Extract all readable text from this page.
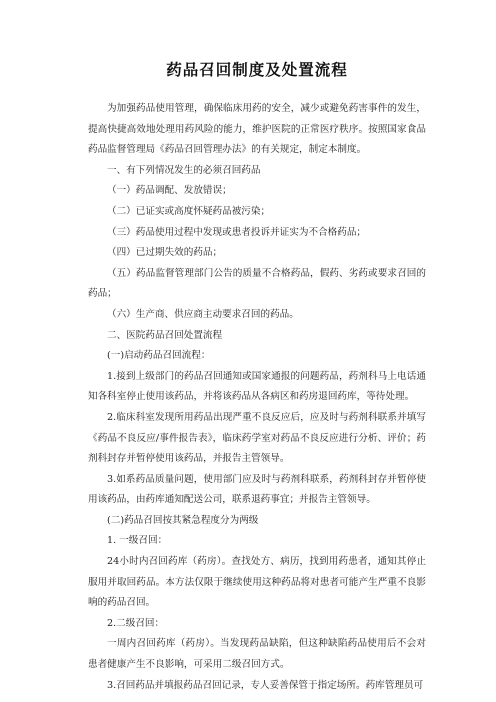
药品召回制度及处置流程

为加强药品使用管理，确保临床用药的安全，减少或避免药害事件的发生，提高快捷高效地处理用药风险的能力，维护医院的正常医疗秩序。按照国家食品药品监督管理局《药品召回管理办法》的有关规定，制定本制度。

一、有下列情况发生的必须召回药品

（一）药品调配、发放错误；

（二）已证实或高度怀疑药品被污染；

（三）药品使用过程中发现或患者投诉并证实为不合格药品；

（四）已过期失效的药品；

（五）药品监督管理部门公告的质量不合格药品，假药、劣药或要求召回的药品；

（六）生产商、供应商主动要求召回的药品。

二、医院药品召回处置流程

(一)启动药品召回流程：

1.接到上级部门的药品召回通知或国家通报的问题药品，药剂科马上电话通知各科室停止使用该药品，并将该药品从各病区和药房退回药库，等待处理。

2.临床科室发现所用药品出现严重不良反应后，应及时与药剂科联系并填写《药品不良反应/事件报告表》，临床药学室对药品不良反应进行分析、评价；药剂科封存并暂停使用该药品，并报告主管领导。

3.如系药品质量问题，使用部门应及时与药剂科联系，药剂科封存并暂停使用该药品，由药库通知配送公司，联系退药事宜；并报告主管领导。

(二)药品召回按其紧急程度分为两级

1. 一级召回：

24小时内召回药库（药房）。查找处方、病历，找到用药患者，通知其停止服用并取回药品。本方法仅限于继续使用这种药品将对患者可能产生严重不良影响的药品召回。

2.二级召回：

一周内召回药库（药房）。当发现药品缺陷，但这种缺陷药品使用后不会对患者健康产生不良影响，可采用二级召回方式。

3.召回药品并填报药品召回记录，专人妥善保管于指定场所。药库管理员可
